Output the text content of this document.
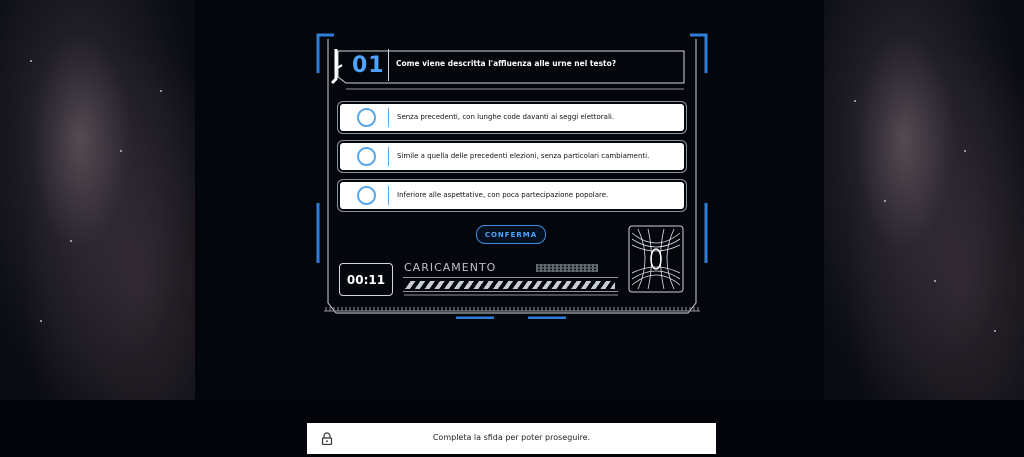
01 Come viene descritta l'affluenza alle urne nel testo?
Senza precedenti, con lunghe code davanti ai seggi elettorali.
Simile a quella delle precedenti elezioni, senza particolari cambiamenti.
Inferiore alle aspettative, con poca partecipazione popolare.
CONFERMA
00:11
CARICAMENTO
Completa la sfida per poter proseguire.
